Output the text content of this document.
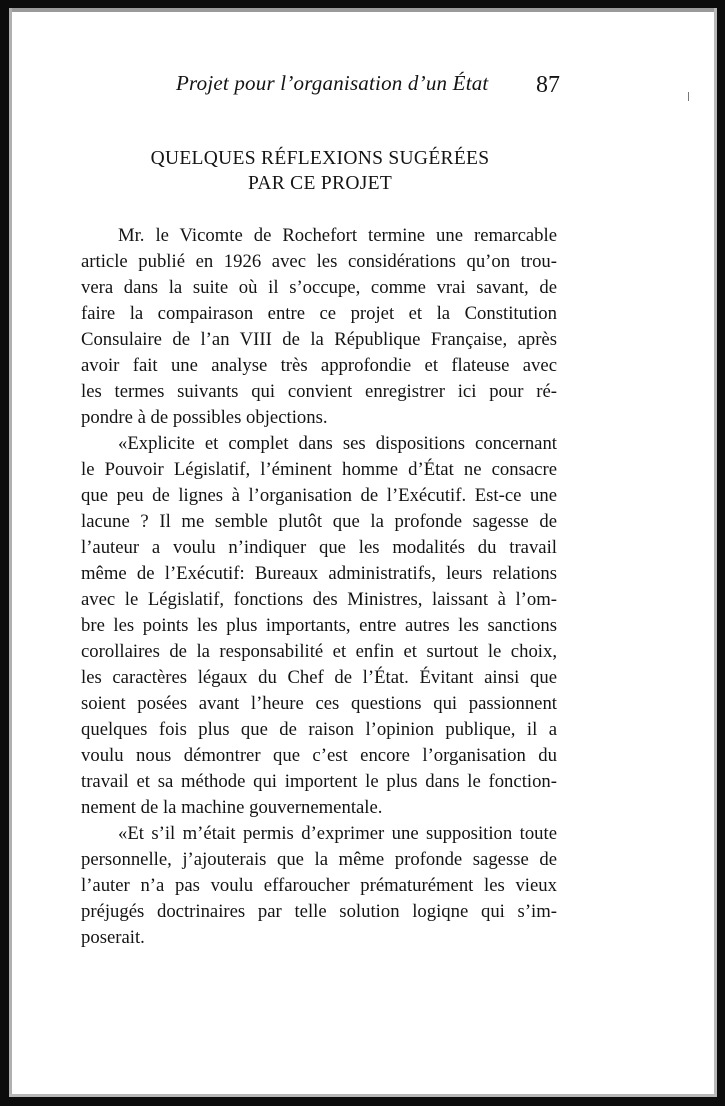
Projet pour l’organisation d’un État 87
QUELQUES RÉFLEXIONS SUGÉRÉES
PAR CE PROJET
Mr. le Vicomte de Rochefort termine une remarcable
article publié en 1926 avec les considérations qu’on trou-
vera dans la suite où il s’occupe, comme vrai savant, de
faire la compairason entre ce projet et la Constitution
Consulaire de l’an VIII de la République Française, après
avoir fait une analyse très approfondie et flateuse avec
les termes suivants qui convient enregistrer ici pour ré-
pondre à de possibles objections.
«Explicite et complet dans ses dispositions concernant
le Pouvoir Législatif, l’éminent homme d’État ne consacre
que peu de lignes à l’organisation de l’Exécutif. Est-ce une
lacune ? Il me semble plutôt que la profonde sagesse de
l’auteur a voulu n’indiquer que les modalités du travail
même de l’Exécutif: Bureaux administratifs, leurs relations
avec le Législatif, fonctions des Ministres, laissant à l’om-
bre les points les plus importants, entre autres les sanctions
corollaires de la responsabilité et enfin et surtout le choix,
les caractères légaux du Chef de l’État. Évitant ainsi que
soient posées avant l’heure ces questions qui passionnent
quelques fois plus que de raison l’opinion publique, il a
voulu nous démontrer que c’est encore l’organisation du
travail et sa méthode qui importent le plus dans le fonction-
nement de la machine gouvernementale.
«Et s’il m’était permis d’exprimer une supposition toute
personnelle, j’ajouterais que la même profonde sagesse de
l’auter n’a pas voulu effaroucher prématurément les vieux
préjugés doctrinaires par telle solution logiqne qui s’im-
poserait.
